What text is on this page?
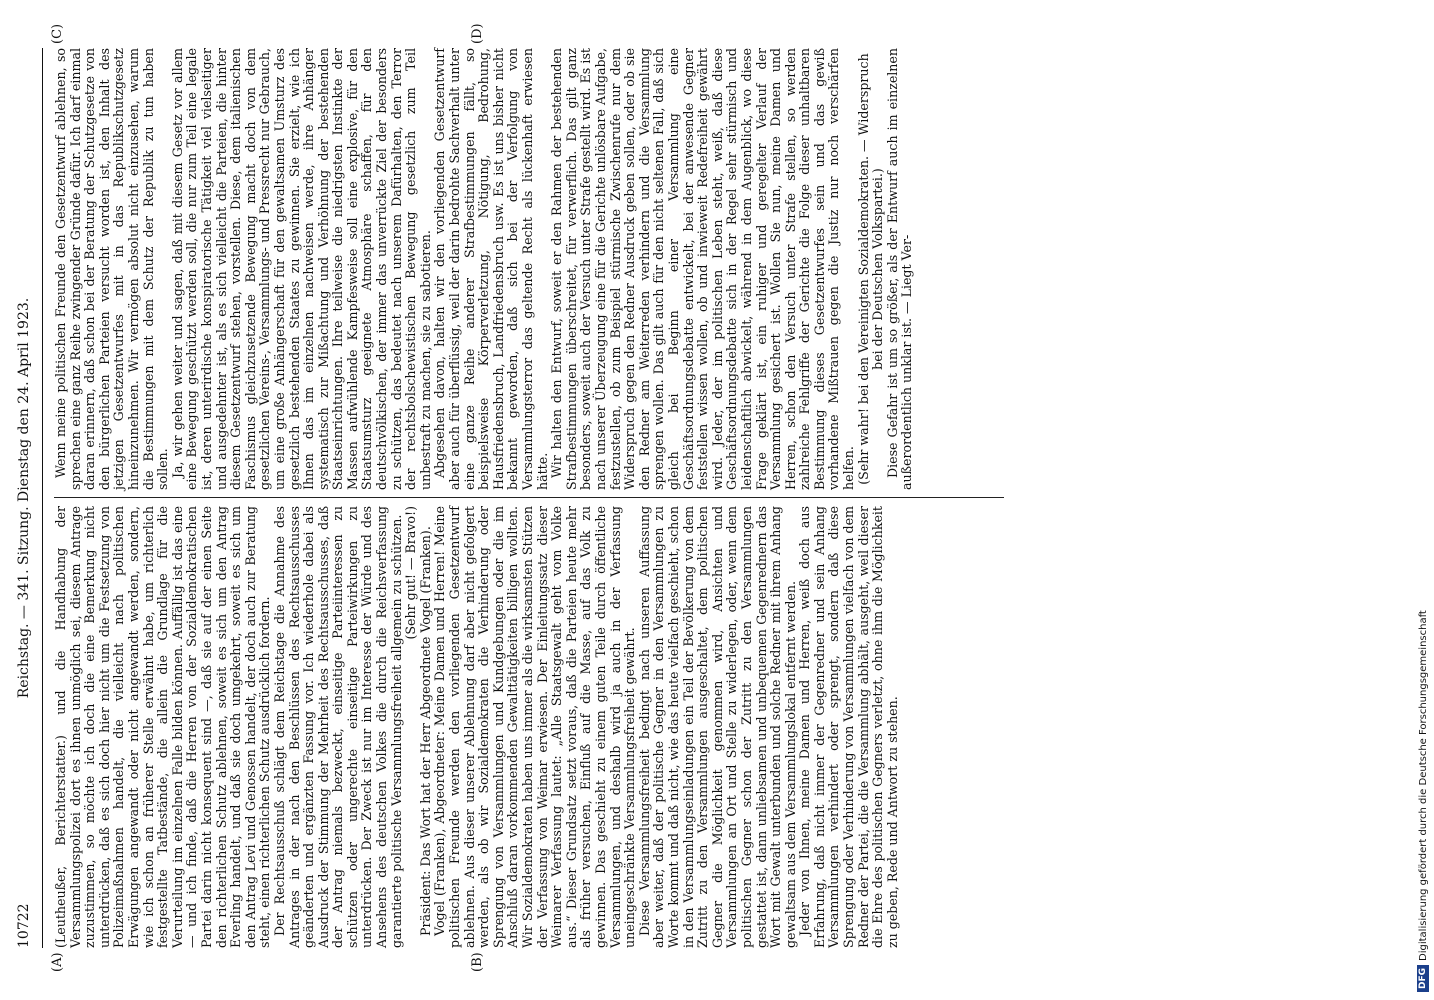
10722
Reichstag. — 341. Sitzung. Dienstag den 24. April 1923.
(A)	(B)
(C)	(D)

(Leutheußer, Berichterstatter.) und die Handhabung der Versammlungspolizei dort es ihnen unmöglich sei, diesem Antrage zuzustimmen, so möchte ich doch die eine Bemerkung nicht unterdrücken, daß es sich doch hier nicht um die Festsetzung von Polizeimaßnahmen handelt, die vielleicht nach politischen Erwägungen angewandt oder nicht angewandt werden, sondern, wie ich schon an früherer Stelle erwähnt habe, um richterlich festgestellte Tatbestände, die allein die Grundlage für die Verurteilung im einzelnen Falle bilden können. Auffällig ist das eine — und ich finde, daß die Herren von der Sozialdemokratischen Partei darin nicht konsequent sind —, daß sie auf der einen Seite den richterlichen Schutz ablehnen, soweit es sich um den Antrag Everling handelt, und daß sie doch umgekehrt, soweit es sich um den Antrag Levi und Genossen handelt, der doch auch zur Beratung steht, einen richterlichen Schutz ausdrücklich fordern. Der Rechtsausschuß schlägt dem Reichstage die Annahme des Antrages in der nach den Beschlüssen des Rechtsausschusses geänderten und ergänzten Fassung vor. Ich wiederhole dabei als Ausdruck der Stimmung der Mehrheit des Rechtsausschusses, daß der Antrag niemals bezweckt, einseitige Parteiinteressen zu schützen oder ungerechte einseitige Parteiwirkungen zu unterdrücken. Der Zweck ist nur im Interesse der Würde und des Ansehens des deutschen Volkes die durch die Reichsverfassung garantierte politische Versammlungsfreiheit allgemein zu schützen. (Sehr gut! — Bravo!) Präsident: Das Wort hat der Herr Abgeordnete Vogel (Franken). Vogel (Franken), Abgeordneter: Meine Damen und Herren! Meine politischen Freunde werden den vorliegenden Gesetzentwurf ablehnen. Aus dieser unserer Ablehnung darf aber nicht gefolgert werden, als ob wir Sozialdemokraten die Verhinderung oder Sprengung von Versammlungen und Kundgebungen oder die im Anschluß daran vorkommenden Gewalttätigkeiten billigen wollten. Wir Sozialdemokraten haben uns immer als die wirksamsten Stützen der Verfassung von Weimar erwiesen. Der Einleitungssatz dieser Weimarer Verfassung lautet: „Alle Staatsgewalt geht vom Volke aus.“ Dieser Grundsatz setzt voraus, daß die Parteien heute mehr als früher versuchen, Einfluß auf die Masse, auf das Volk zu gewinnen. Das geschieht zu einem guten Teile durch öffentliche Versammlungen, und deshalb wird ja auch in der Verfassung uneingeschränkte Versammlungsfreiheit gewährt. Diese Versammlungsfreiheit bedingt nach unseren Auffassung aber weiter, daß der politische Gegner in den Versammlungen zu Worte kommt und daß nicht, wie das heute vielfach geschieht, schon in den Versammlungseinladungen ein Teil der Bevölkerung von dem Zutritt zu den Versammlungen ausgeschaltet, dem politischen Gegner die Möglichkeit genommen wird, Ansichten und Versammlungen an Ort und Stelle zu widerlegen, oder, wenn dem politischen Gegner schon der Zutritt zu den Versammlungen gestattet ist, dann unliebsamen und unbequemen Gegenrednern das Wort mit Gewalt unterbunden und solche Redner mit ihrem Anhang gewaltsam aus dem Versammlungslokal entfernt werden. Jeder von Ihnen, meine Damen und Herren, weiß doch aus Erfahrung, daß nicht immer der Gegenredner und sein Anhang Versammlungen verhindert oder sprengt, sondern daß diese Sprengung oder Verhinderung von Versammlungen vielfach von dem Redner der Partei, die die Versammlung abhält, ausgeht, weil dieser die Ehre des politischen Gegners verletzt, ohne ihm die Möglichkeit zu geben, Rede und Antwort zu stehen.

Wenn meine politischen Freunde den Gesetzentwurf ablehnen, so sprechen eine ganz Reihe zwingender Gründe dafür. Ich darf einmal daran erinnern, daß schon bei der Beratung der Schutzgesetze von den bürgerlichen Parteien versucht worden ist, den Inhalt des jetzigen Gesetzentwurfes mit in das Republikschutzgesetz hineinzunehmen. Wir vermögen absolut nicht einzusehen, warum die Bestimmungen mit dem Schutz der Republik zu tun haben sollen. Ja, wir gehen weiter und sagen, daß mit diesem Gesetz vor allem eine Bewegung geschützt werden soll, die nur zum Teil eine legale ist, deren unterirdische konspiratorische Tätigkeit viel vielseitiger und ausgedehnter ist, als es sich vielleicht die Parteien, die hinter diesem Gesetzentwurf stehen, vorstellen. Diese, dem italienischen Faschismus gleichzusetzende Bewegung macht doch von dem gesetzlichen Vereins-, Versammlungs- und Pressrecht nur Gebrauch, um eine große Anhängerschaft für den gewaltsamen Umsturz des gesetzlich bestehenden Staates zu gewinnen. Sie erzielt, wie ich Ihnen das im einzelnen nachweisen werde, ihre Anhänger systematisch zur Mißachtung und Verhöhnung der bestehenden Staatseinrichtungen. Ihre teilweise die niedrigsten Instinkte der Massen aufwühlende Kampfesweise soll eine explosive, für den Staatsumsturz geeignete Atmosphäre schaffen, für den deutschvölkischen, der immer das unverrückte Ziel der besonders zu schützen, das bedeutet nach unserem Dafürhalten, den Terror der rechtsbolschewistischen Bewegung gesetzlich zum Teil unbestraft zu machen, sie zu sabotieren. Abgesehen davon, halten wir den vorliegenden Gesetzentwurf aber auch für überflüssig, weil der darin bedrohte Sachverhalt unter eine ganze Reihe anderer Strafbestimmungen fällt, so beispielsweise Körperverletzung, Nötigung, Bedrohung, Hausfriedensbruch, Landfriedensbruch usw. Es ist uns bisher nicht bekannt geworden, daß sich bei der Verfolgung von Versammlungsterror das geltende Recht als lückenhaft erwiesen hätte. Wir halten den Entwurf, soweit er den Rahmen der bestehenden Strafbestimmungen überschreitet, für verwerflich. Das gilt ganz besonders, soweit auch der Versuch unter Strafe gestellt wird. Es ist nach unserer Überzeugung eine für die Gerichte unlösbare Aufgabe, festzustellen, ob zum Beispiel stürmische Zwischenrufe nur dem Widerspruch gegen den Redner Ausdruck geben sollen, oder ob sie den Redner am Weiterreden verhindern und die Versammlung sprengen wollen. Das gilt auch für den nicht seltenen Fall, daß sich gleich bei Beginn einer Versammlung eine Geschäftsordnungsdebatte entwickelt, bei der anwesende Gegner feststellen wissen wollen, ob und inwieweit Redefreiheit gewährt wird. Jeder, der im politischen Leben steht, weiß, daß diese Geschäftsordnungsdebatte sich in der Regel sehr stürmisch und leidenschaftlich abwickelt, während in dem Augenblick, wo diese Frage geklärt ist, ein ruhiger und geregelter Verlauf der Versammlung gesichert ist. Wollen Sie nun, meine Damen und Herren, schon den Versuch unter Strafe stellen, so werden zahlreiche Fehlgriffe der Gerichte die Folge dieser unhaltbaren Bestimmung dieses Gesetzentwurfes sein und das gewiß vorhandene Mißtrauen gegen die Justiz nur noch verschärfen helfen. (Sehr wahr! bei den Vereinigten Sozialdemokraten. — Widerspruch bei der Deutschen Volkspartei.) Diese Gefahr ist um so größer, als der Entwurf auch im einzelnen außerordentlich unklar ist. — Liegt Ver-

DFGDigitalisierung gefördert durch die Deutsche Forschungsgemeinschaft
